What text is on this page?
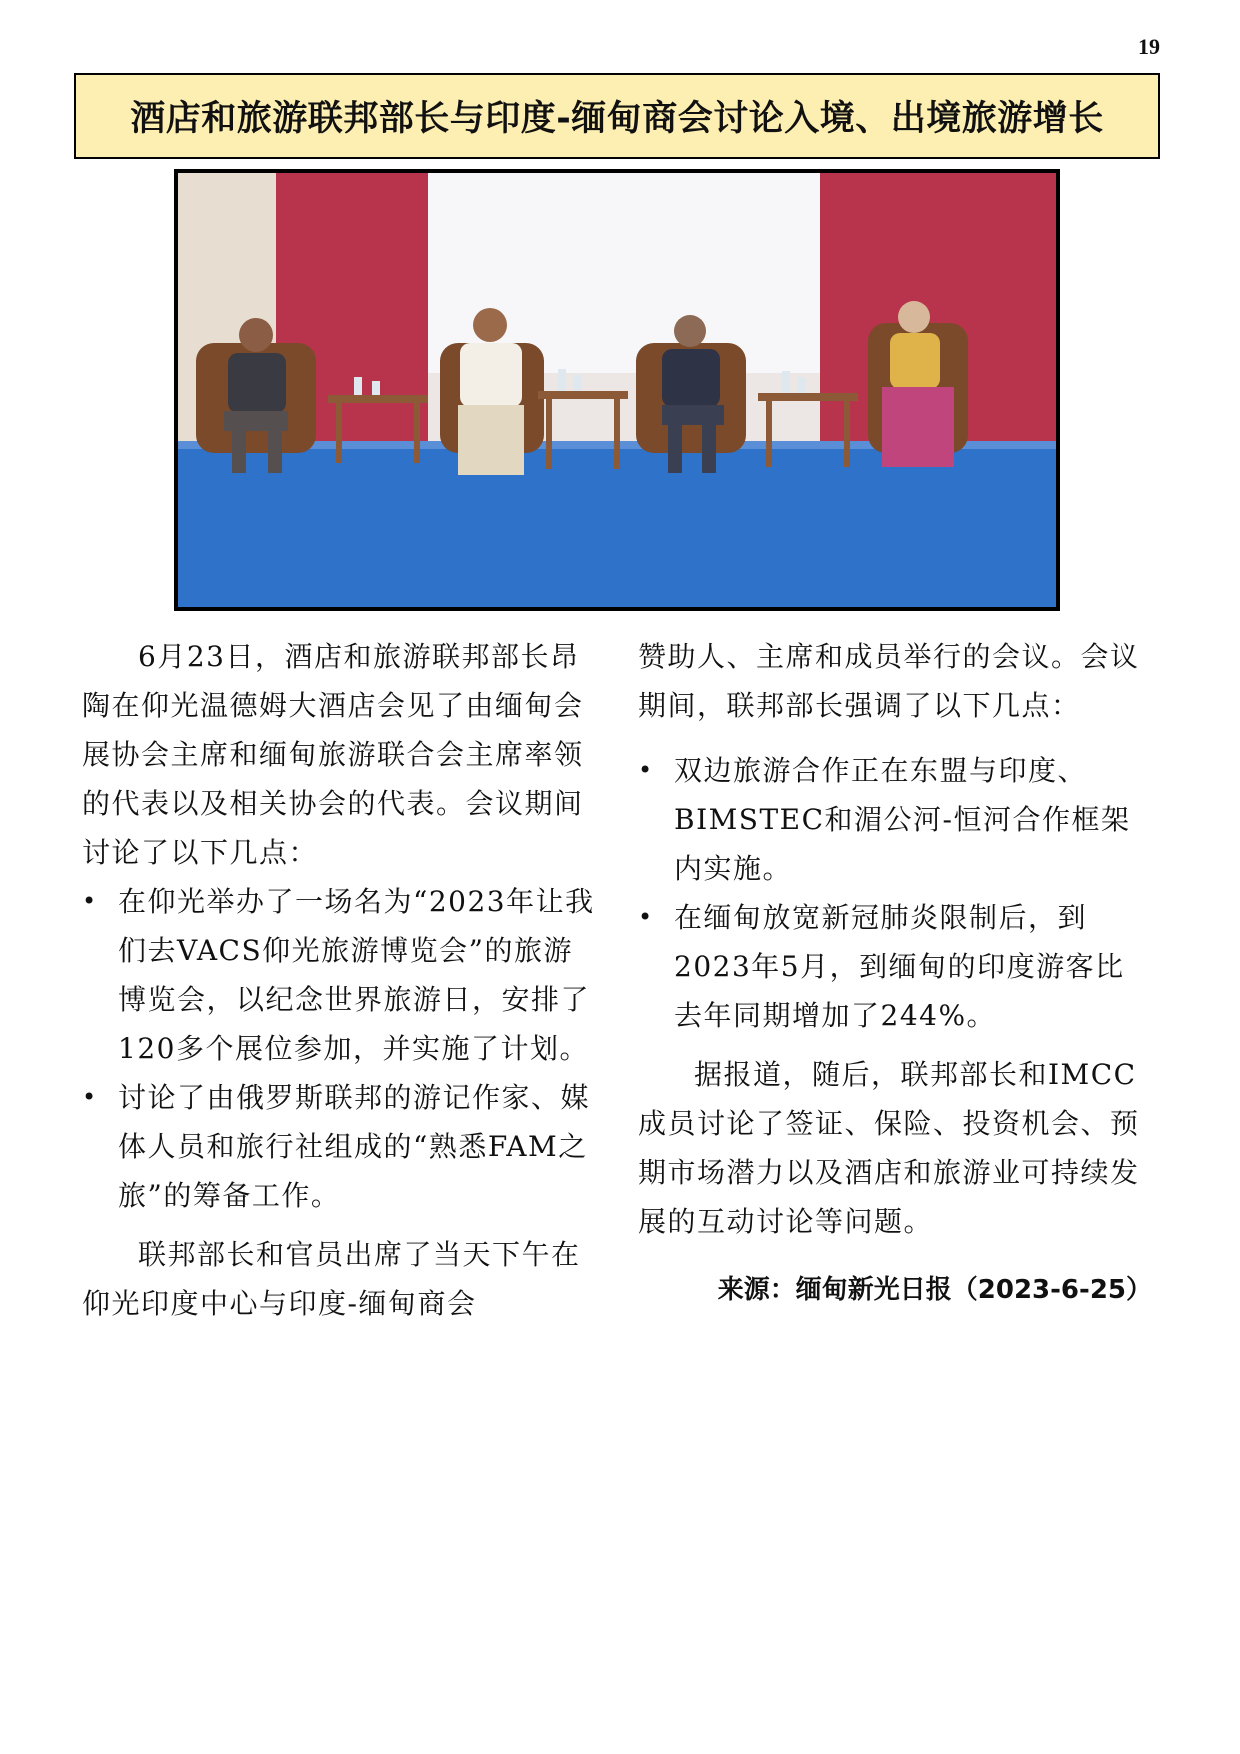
19
酒店和旅游联邦部长与印度-缅甸商会讨论入境、出境旅游增长

6月23日，酒店和旅游联邦部长昂陶在仰光温德姆大酒店会见了由缅甸会展协会主席和缅甸旅游联合会主席率领的代表以及相关协会的代表。会议期间讨论了以下几点：

• 在仰光举办了一场名为“2023年让我们去VACS仰光旅游博览会”的旅游博览会，以纪念世界旅游日，安排了120多个展位参加，并实施了计划。
• 讨论了由俄罗斯联邦的游记作家、媒体人员和旅行社组成的“熟悉FAM之旅”的筹备工作。

联邦部长和官员出席了当天下午在仰光印度中心与印度-缅甸商会

赞助人、主席和成员举行的会议。会议期间，联邦部长强调了以下几点：

• 双边旅游合作正在东盟与印度、BIMSTEC和湄公河-恒河合作框架内实施。
• 在缅甸放宽新冠肺炎限制后，到2023年5月，到缅甸的印度游客比去年同期增加了244%。

据报道，随后，联邦部长和IMCC成员讨论了签证、保险、投资机会、预期市场潜力以及酒店和旅游业可持续发展的互动讨论等问题。

来源：缅甸新光日报（2023-6-25）
